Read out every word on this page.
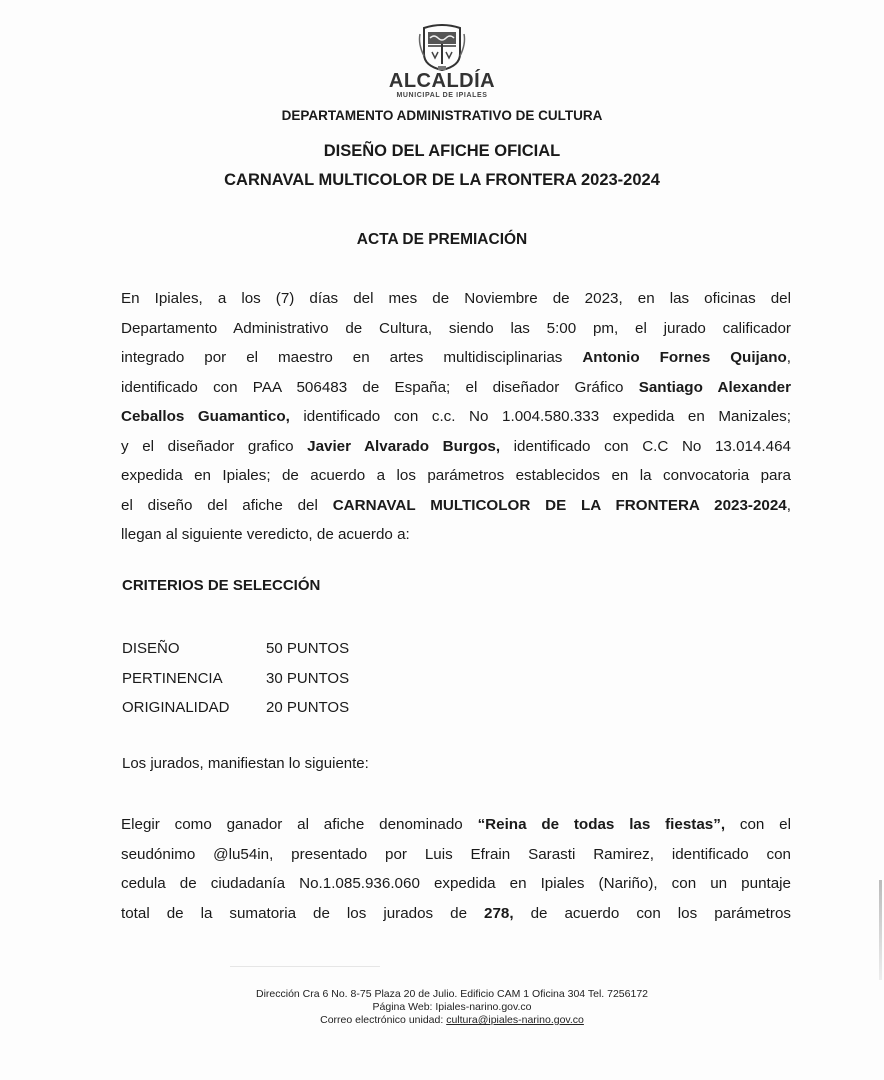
ALCALDÍA
MUNICIPAL DE IPIALES
DEPARTAMENTO ADMINISTRATIVO DE CULTURA
DISEÑO DEL AFICHE OFICIAL
CARNAVAL MULTICOLOR DE LA FRONTERA 2023-2024
ACTA DE PREMIACIÓN
En Ipiales, a los (7) días del mes de Noviembre de 2023, en las oficinas del
Departamento Administrativo de Cultura, siendo las 5:00 pm, el jurado calificador
integrado por el maestro en artes multidisciplinarias Antonio Fornes Quijano,
identificado con PAA 506483 de España; el diseñador Gráfico Santiago Alexander
Ceballos Guamantico, identificado con c.c. No 1.004.580.333 expedida en Manizales;
y el diseñador grafico Javier Alvarado Burgos, identificado con C.C No 13.014.464
expedida en Ipiales; de acuerdo a los parámetros establecidos en la convocatoria para
el diseño del afiche del CARNAVAL MULTICOLOR DE LA FRONTERA 2023-2024,
llegan al siguiente veredicto, de acuerdo a:
CRITERIOS DE SELECCIÓN
DISEÑO	50 PUNTOS
PERTINENCIA	30 PUNTOS
ORIGINALIDAD	20 PUNTOS
Los jurados, manifiestan lo siguiente:
Elegir como ganador al afiche denominado “Reina de todas las fiestas”, con el
seudónimo @lu54in, presentado por Luis Efrain Sarasti Ramirez, identificado con
cedula de ciudadanía No.1.085.936.060 expedida en Ipiales (Nariño), con un puntaje
total de la sumatoria de los jurados de 278, de acuerdo con los parámetros
Dirección Cra 6 No. 8-75 Plaza 20 de Julio. Edificio CAM 1 Oficina 304 Tel. 7256172
Página Web: Ipiales-narino.gov.co
Correo electrónico unidad: cultura@ipiales-narino.gov.co
